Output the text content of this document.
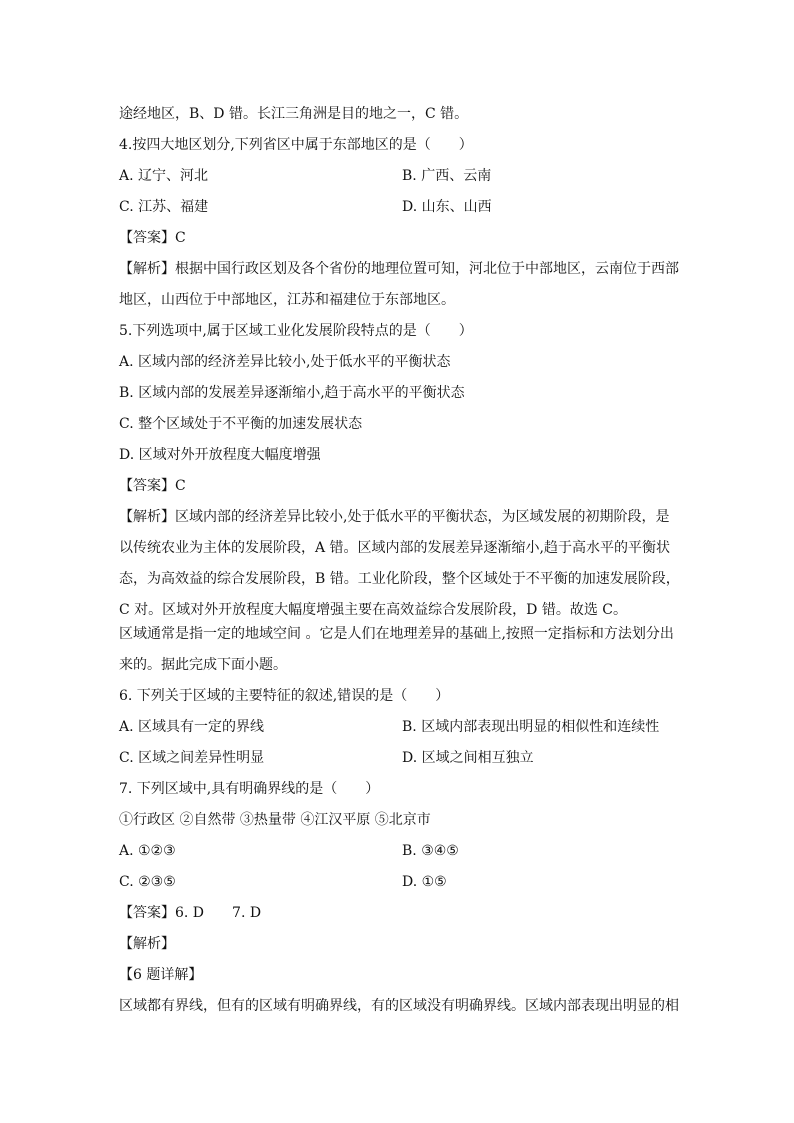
途经地区，B、D 错。长江三角洲是目的地之一，C 错。
4.按四大地区划分,下列省区中属于东部地区的是（　　）
A. 辽宁、河北	B. 广西、云南
C. 江苏、福建	D. 山东、山西
【答案】C
【解析】根据中国行政区划及各个省份的地理位置可知，河北位于中部地区，云南位于西部
地区，山西位于中部地区，江苏和福建位于东部地区。
5.下列选项中,属于区域工业化发展阶段特点的是（　　）
A. 区域内部的经济差异比较小,处于低水平的平衡状态
B. 区域内部的发展差异逐渐缩小,趋于高水平的平衡状态
C. 整个区域处于不平衡的加速发展状态
D. 区域对外开放程度大幅度增强
【答案】C
【解析】区域内部的经济差异比较小,处于低水平的平衡状态，为区域发展的初期阶段，是
以传统农业为主体的发展阶段，A 错。区域内部的发展差异逐渐缩小,趋于高水平的平衡状
态，为高效益的综合发展阶段，B 错。工业化阶段，整个区域处于不平衡的加速发展阶段，
C 对。区域对外开放程度大幅度增强主要在高效益综合发展阶段，D 错。故选 C。
区域通常是指一定的地域空间 。它是人们在地理差异的基础上,按照一定指标和方法划分出
来的。据此完成下面小题。
6. 下列关于区域的主要特征的叙述,错误的是（　　）
A. 区域具有一定的界线	B. 区域内部表现出明显的相似性和连续性
C. 区域之间差异性明显	D. 区域之间相互独立
7. 下列区域中,具有明确界线的是（　　）
①行政区 ②自然带 ③热量带 ④江汉平原 ⑤北京市
A. ①②③	B. ③④⑤
C. ②③⑤	D. ①⑤
【答案】6. D　　7. D
【解析】
【6 题详解】
区域都有界线，但有的区域有明确界线，有的区域没有明确界线。区域内部表现出明显的相
